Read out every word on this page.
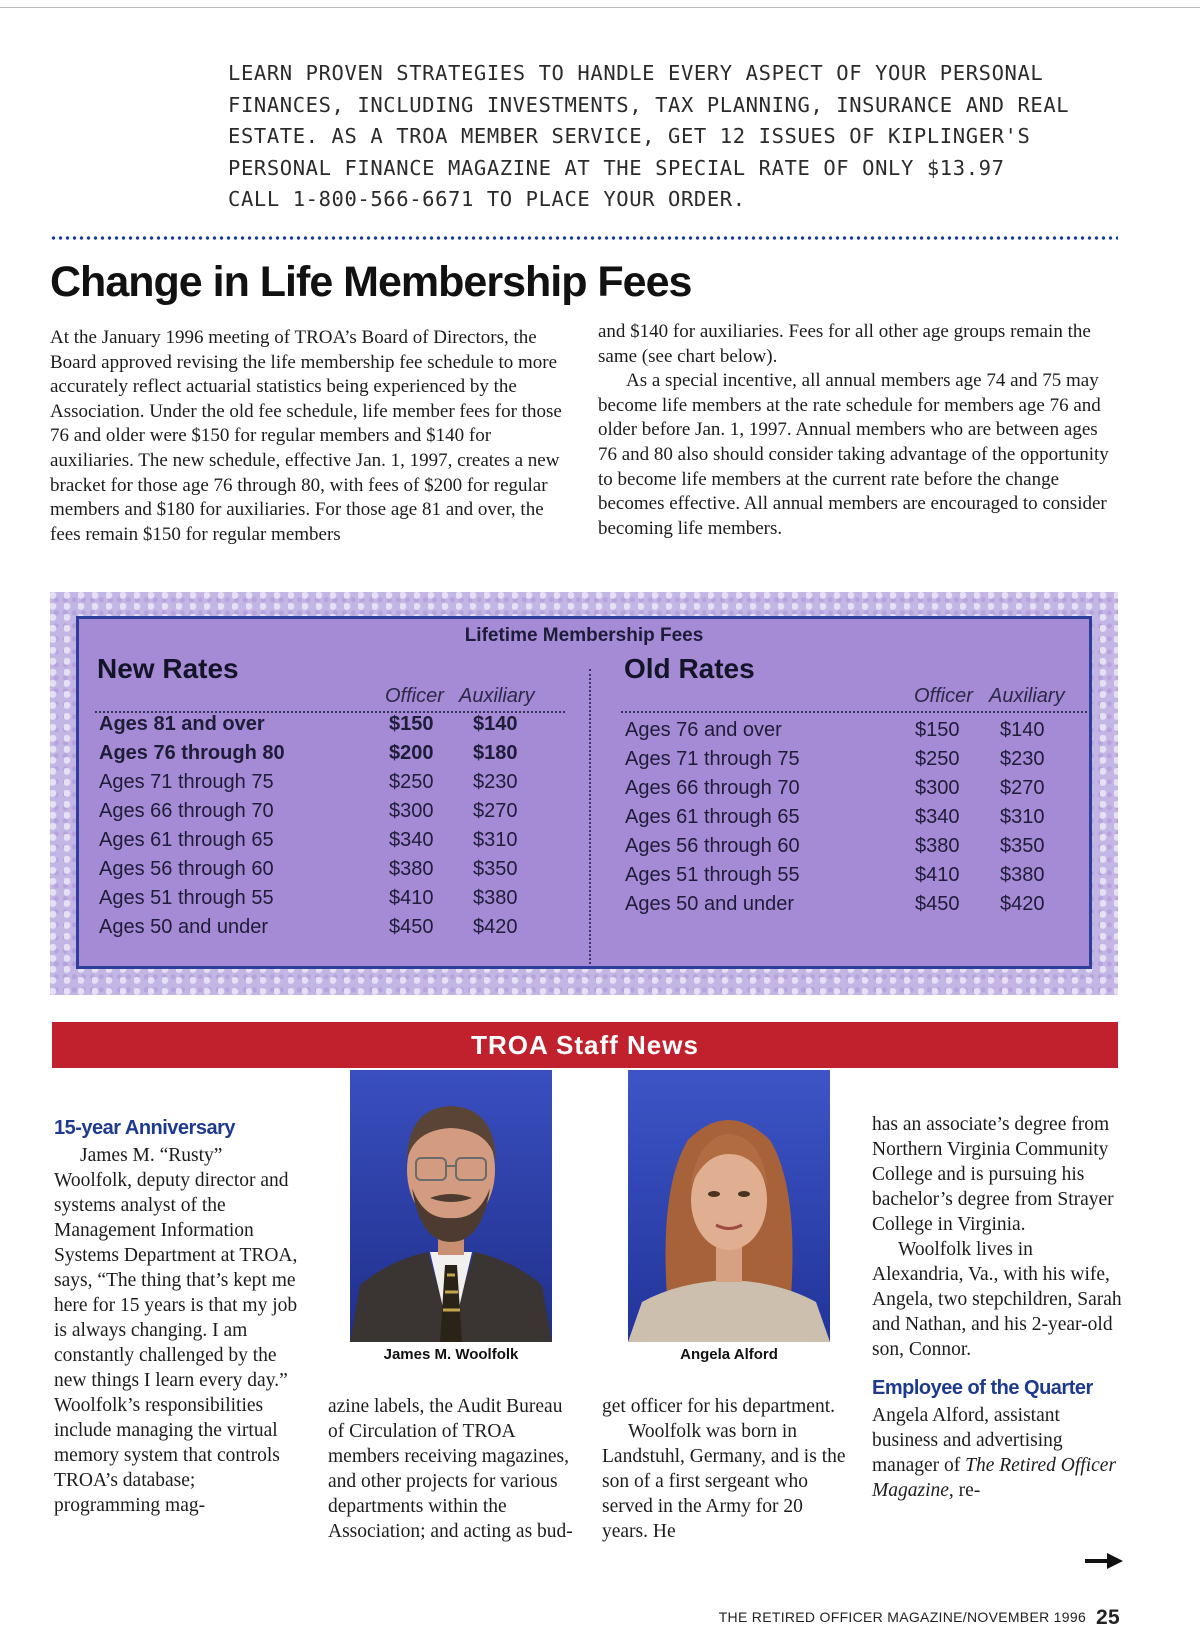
LEARN PROVEN STRATEGIES TO HANDLE EVERY ASPECT OF YOUR PERSONAL
FINANCES, INCLUDING INVESTMENTS, TAX PLANNING, INSURANCE AND REAL
ESTATE. AS A TROA MEMBER SERVICE, GET 12 ISSUES OF KIPLINGER'S
PERSONAL FINANCE MAGAZINE AT THE SPECIAL RATE OF ONLY $13.97
CALL 1-800-566-6671 TO PLACE YOUR ORDER.
Change in Life Membership Fees

At the January 1996 meeting of TROA’s Board of Directors, the Board approved revising the life membership fee schedule to more accurately reflect actuarial statistics being experienced by the Association. Under the old fee schedule, life member fees for those 76 and older were $150 for regular members and $140 for auxiliaries. The new schedule, effective Jan. 1, 1997, creates a new bracket for those age 76 through 80, with fees of $200 for regular members and $180 for auxiliaries. For those age 81 and over, the fees remain $150 for regular members

and $140 for auxiliaries. Fees for all other age groups remain the same (see chart below).

As a special incentive, all annual members age 74 and 75 may become life members at the rate schedule for members age 76 and older before Jan. 1, 1997. Annual members who are between ages 76 and 80 also should consider taking advantage of the opportunity to become life members at the current rate before the change becomes effective. All annual members are encouraged to consider becoming life members.

Lifetime Membership Fees
New Rates
Officer Auxiliary
Ages 81 and over	$150 $140
Ages 76 through 80	$200 $180
Ages 71 through 75	$250 $230
Ages 66 through 70	$300 $270
Ages 61 through 65	$340 $310
Ages 56 through 60	$380 $350
Ages 51 through 55	$410 $380
Ages 50 and under	$450 $420
Old Rates
Officer Auxiliary
Ages 76 and over	$150 $140
Ages 71 through 75	$250 $230
Ages 66 through 70	$300 $270
Ages 61 through 65	$340 $310
Ages 56 through 60	$380 $350
Ages 51 through 55	$410 $380
Ages 50 and under	$450 $420
TROA Staff News
15-year Anniversary

James M. “Rusty” Woolfolk, deputy director and systems analyst of the Management Information Systems Department at TROA, says, “The thing that’s kept me here for 15 years is that my job is always changing. I am constantly challenged by the new things I learn every day.” Woolfolk’s responsibilities include managing the virtual memory system that controls TROA’s database; programming mag-

James M. Woolfolk	Angela Alford

azine labels, the Audit Bureau of Circulation of TROA members receiving magazines, and other projects for various departments within the Association; and acting as bud-

get officer for his department.

Woolfolk was born in Landstuhl, Germany, and is the son of a first sergeant who served in the Army for 20 years. He

has an associate’s degree from Northern Virginia Community College and is pursuing his bachelor’s degree from Strayer College in Virginia.

Woolfolk lives in Alexandria, Va., with his wife, Angela, two stepchildren, Sarah and Nathan, and his 2-year-old son, Connor.

Employee of the Quarter

Angela Alford, assistant business and advertising manager of The Retired Officer Magazine, re-

THE RETIRED OFFICER MAGAZINE/NOVEMBER 1996 25
